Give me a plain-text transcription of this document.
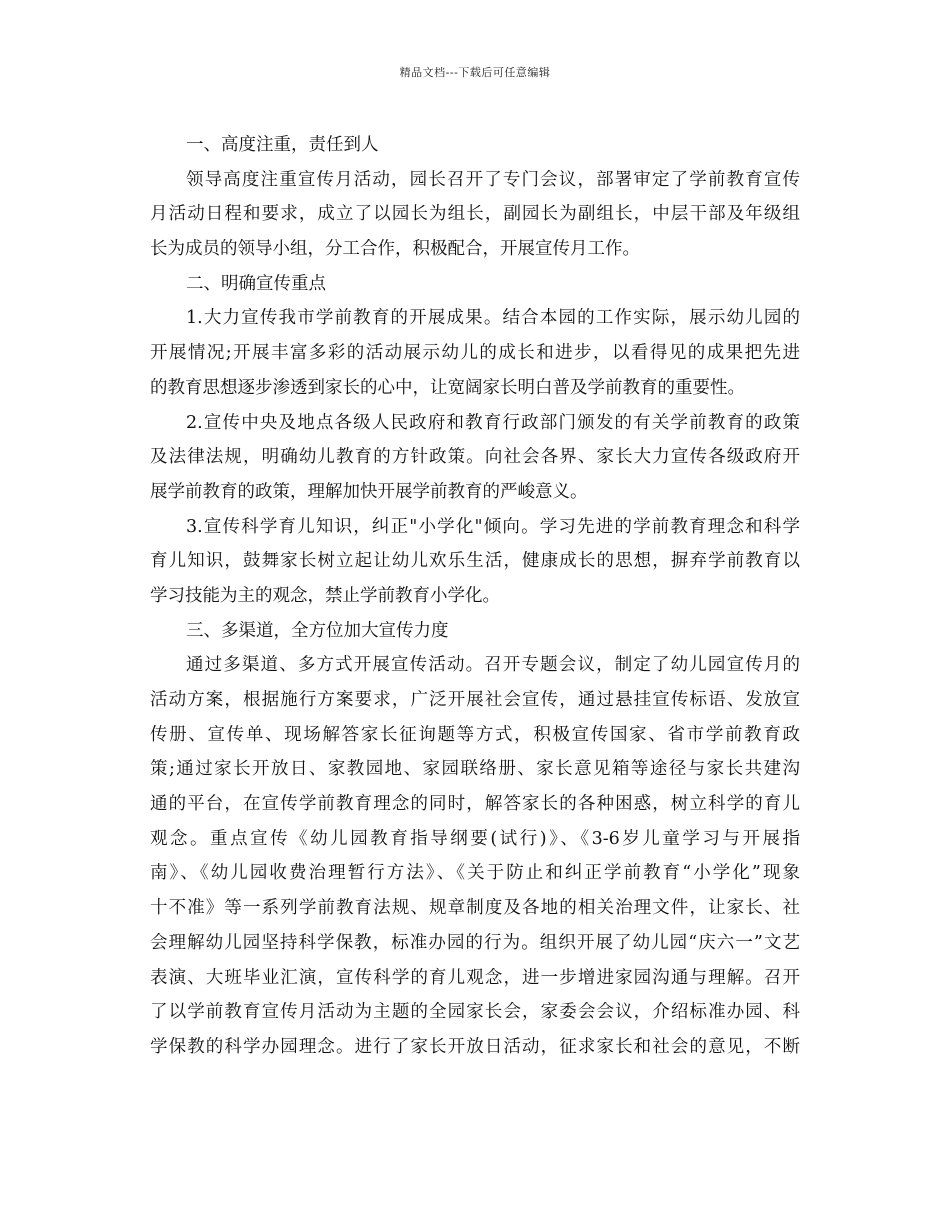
精品文档---下载后可任意编辑
一、高度注重，责任到人
领导高度注重宣传月活动，园长召开了专门会议，部署审定了学前教育宣传
月活动日程和要求，成立了以园长为组长，副园长为副组长，中层干部及年级组
长为成员的领导小组，分工合作，积极配合，开展宣传月工作。
二、明确宣传重点
1.大力宣传我市学前教育的开展成果。结合本园的工作实际，展示幼儿园的
开展情况;开展丰富多彩的活动展示幼儿的成长和进步，以看得见的成果把先进
的教育思想逐步渗透到家长的心中，让宽阔家长明白普及学前教育的重要性。
2.宣传中央及地点各级人民政府和教育行政部门颁发的有关学前教育的政策
及法律法规，明确幼儿教育的方针政策。向社会各界、家长大力宣传各级政府开
展学前教育的政策，理解加快开展学前教育的严峻意义。
3.宣传科学育儿知识，纠正"小学化"倾向。学习先进的学前教育理念和科学
育儿知识，鼓舞家长树立起让幼儿欢乐生活，健康成长的思想，摒弃学前教育以
学习技能为主的观念，禁止学前教育小学化。
三、多渠道，全方位加大宣传力度
通过多渠道、多方式开展宣传活动。召开专题会议，制定了幼儿园宣传月的
活动方案，根据施行方案要求，广泛开展社会宣传，通过悬挂宣传标语、发放宣
传册、宣传单、现场解答家长征询题等方式，积极宣传国家、省市学前教育政
策;通过家长开放日、家教园地、家园联络册、家长意见箱等途径与家长共建沟
通的平台，在宣传学前教育理念的同时，解答家长的各种困惑，树立科学的育儿
观念。重点宣传《幼儿园教育指导纲要(试行)》、《3-6岁儿童学习与开展指
南》、《幼儿园收费治理暂行方法》、《关于防止和纠正学前教育“小学化”现象
十不准》等一系列学前教育法规、规章制度及各地的相关治理文件，让家长、社
会理解幼儿园坚持科学保教，标准办园的行为。组织开展了幼儿园“庆六一”文艺
表演、大班毕业汇演，宣传科学的育儿观念，进一步增进家园沟通与理解。召开
了以学前教育宣传月活动为主题的全园家长会，家委会会议，介绍标准办园、科
学保教的科学办园理念。进行了家长开放日活动，征求家长和社会的意见，不断
